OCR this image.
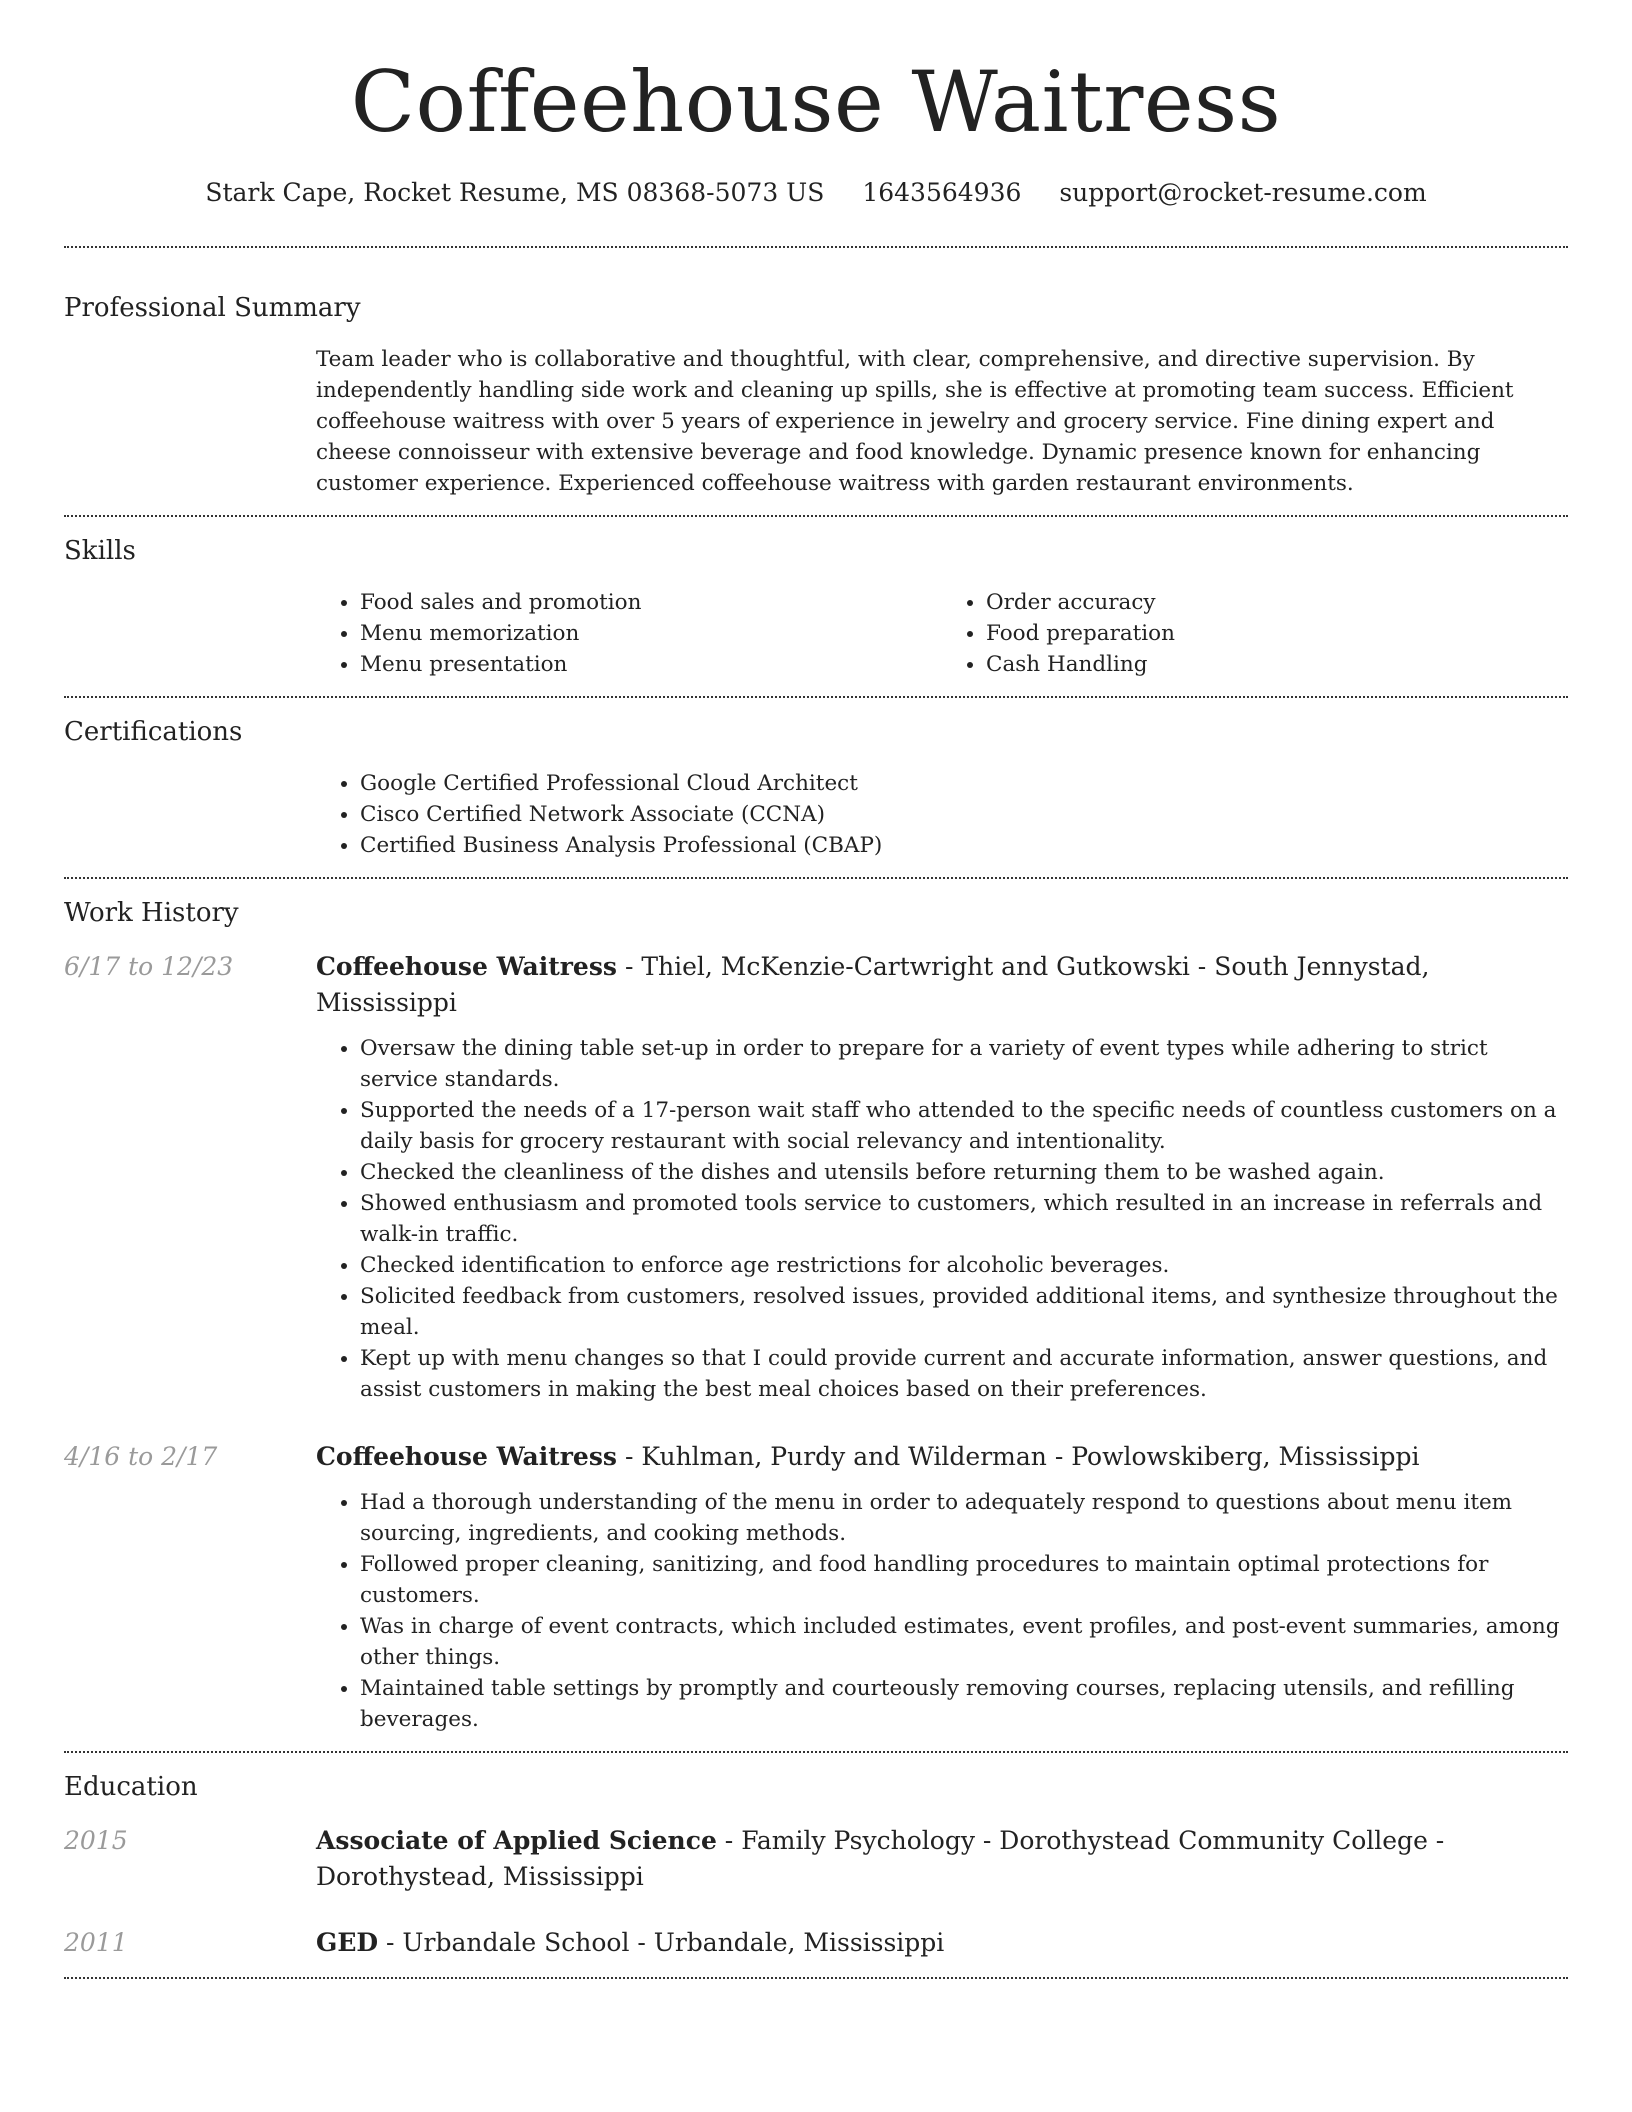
Coffeehouse Waitress
Stark Cape, Rocket Resume, MS 08368-5073 US 1643564936 support@rocket-resume.com
Professional Summary

Team leader who is collaborative and thoughtful, with clear, comprehensive, and directive supervision. By independently handling side work and cleaning up spills, she is effective at promoting team success. Efficient coffeehouse waitress with over 5 years of experience in jewelry and grocery service. Fine dining expert and cheese connoisseur with extensive beverage and food knowledge. Dynamic presence known for enhancing customer experience. Experienced coffeehouse waitress with garden restaurant environments.

Skills
• Food sales and promotion
• Menu memorization
• Menu presentation
• Order accuracy
• Food preparation
• Cash Handling
Certifications
• Google Certified Professional Cloud Architect
• Cisco Certified Network Associate (CCNA)
• Certified Business Analysis Professional (CBAP)
Work History
6/17 to 12/23	Coffeehouse Waitress - Thiel, McKenzie-Cartwright and Gutkowski - South Jennystad, Mississippi
• Oversaw the dining table set-up in order to prepare for a variety of event types while adhering to strict service standards.
• Supported the needs of a 17-person wait staff who attended to the specific needs of countless customers on a daily basis for grocery restaurant with social relevancy and intentionality.
• Checked the cleanliness of the dishes and utensils before returning them to be washed again.
• Showed enthusiasm and promoted tools service to customers, which resulted in an increase in referrals and walk-in traffic.
• Checked identification to enforce age restrictions for alcoholic beverages.
• Solicited feedback from customers, resolved issues, provided additional items, and synthesize throughout the meal.
• Kept up with menu changes so that I could provide current and accurate information, answer questions, and assist customers in making the best meal choices based on their preferences.
4/16 to 2/17	Coffeehouse Waitress - Kuhlman, Purdy and Wilderman - Powlowskiberg, Mississippi
• Had a thorough understanding of the menu in order to adequately respond to questions about menu item sourcing, ingredients, and cooking methods.
• Followed proper cleaning, sanitizing, and food handling procedures to maintain optimal protections for customers.
• Was in charge of event contracts, which included estimates, event profiles, and post-event summaries, among other things.
• Maintained table settings by promptly and courteously removing courses, replacing utensils, and refilling beverages.
Education
2015	Associate of Applied Science - Family Psychology - Dorothystead Community College - Dorothystead, Mississippi
2011	GED - Urbandale School - Urbandale, Mississippi
